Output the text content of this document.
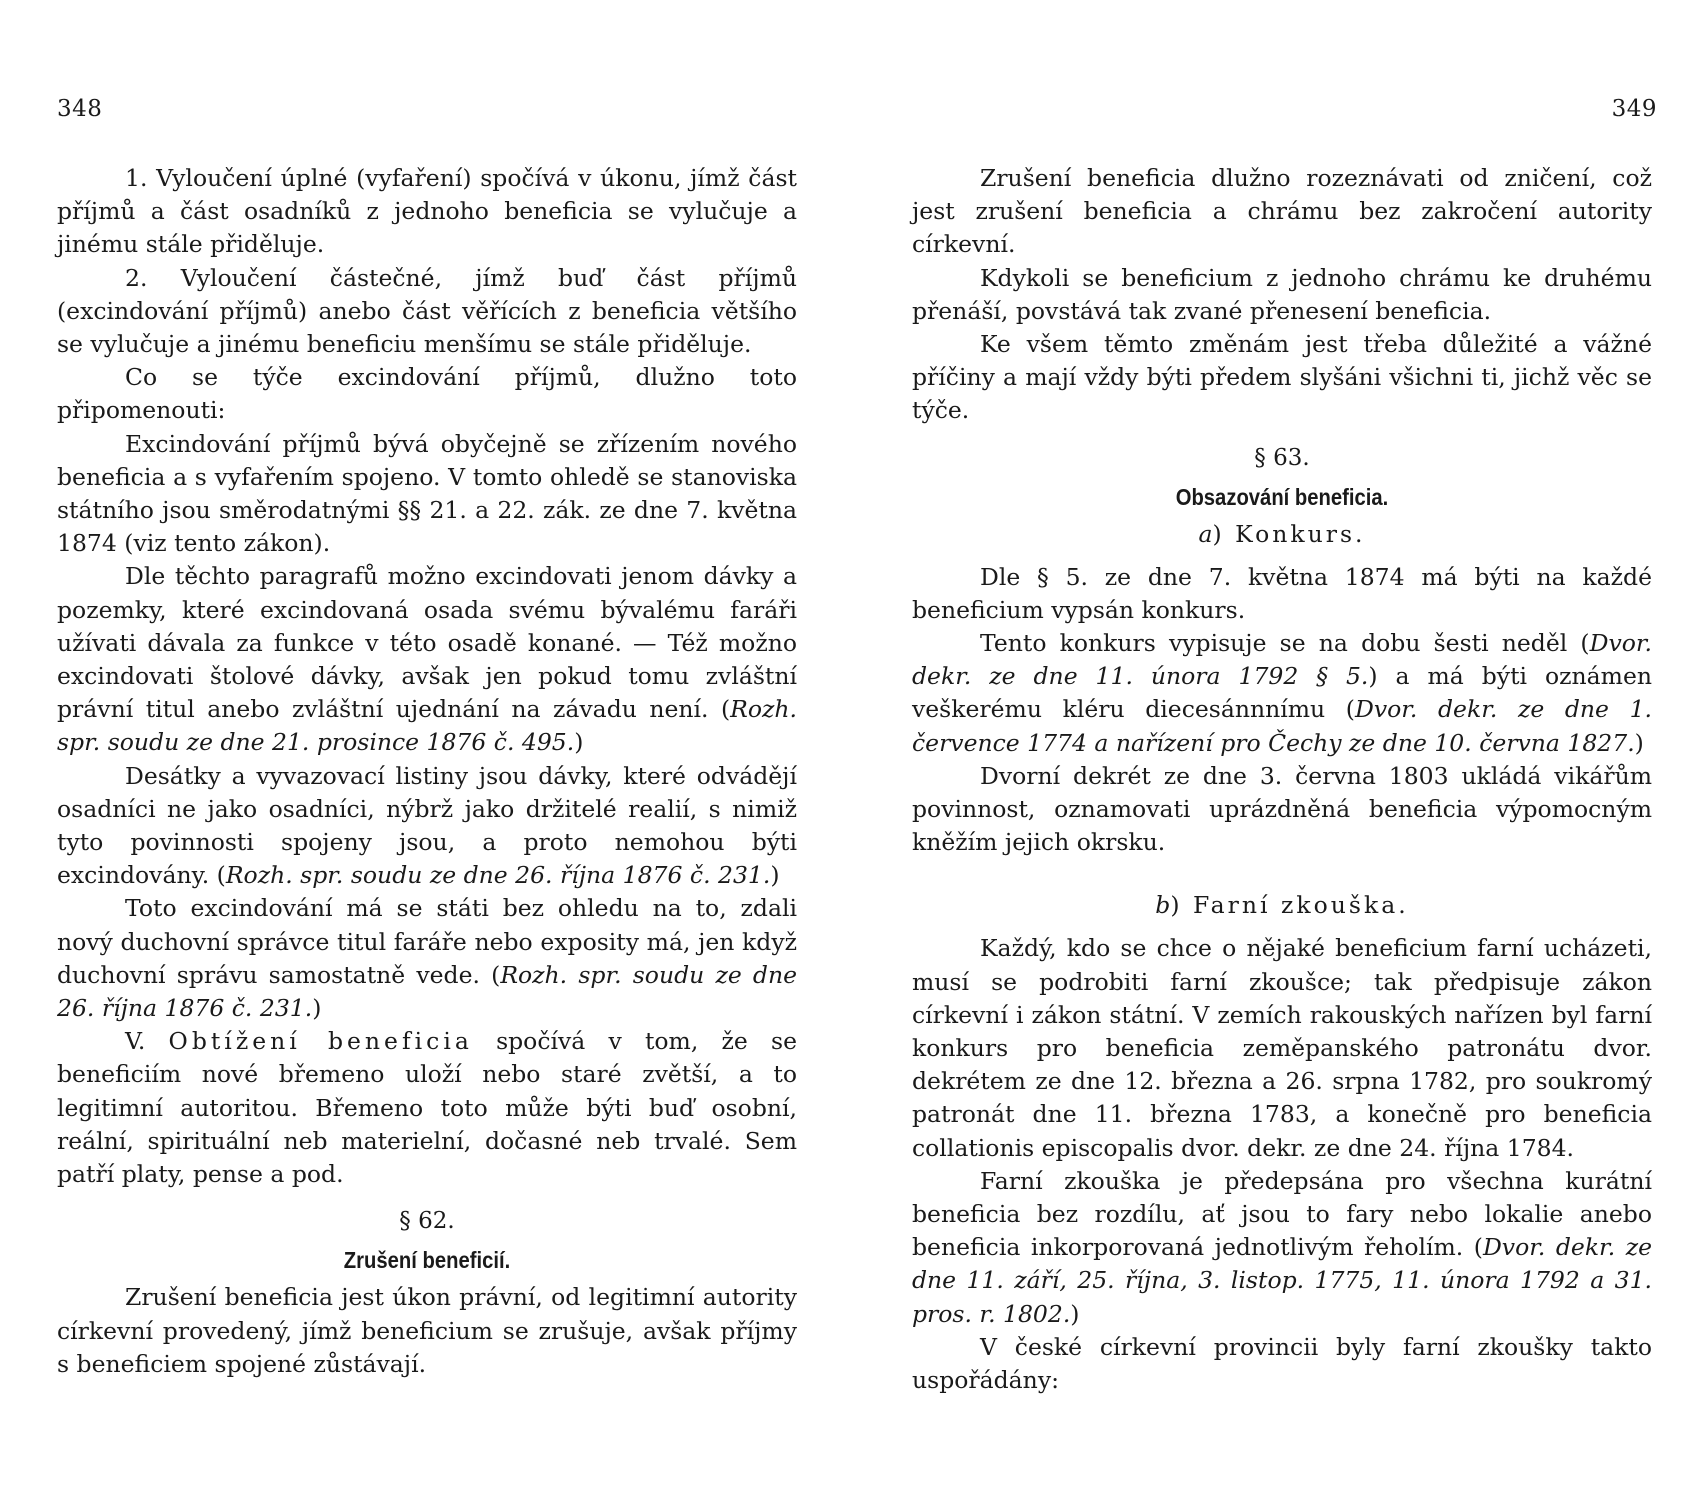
348

1. Vyloučení úplné (vyfaření) spočívá v úkonu, jímž část příjmů a část osadníků z jednoho beneficia se vylučuje a jinému stále přiděluje.

2. Vyloučení částečné, jímž buď část příjmů (excindování příjmů) anebo část věřících z beneficia většího se vylučuje a jinému beneficiu menšímu se stále přiděluje.

Co se týče excindování příjmů, dlužno toto připomenouti:

Excindování příjmů bývá obyčejně se zřízením nového beneficia a s vyfařením spojeno. V tomto ohledě se stanoviska státního jsou směrodatnými §§ 21. a 22. zák. ze dne 7. května 1874 (viz tento zákon).

Dle těchto paragrafů možno excindovati jenom dávky a pozemky, které excindovaná osada svému bývalému faráři užívati dávala za funkce v této osadě konané. — Též možno excindovati štolové dávky, avšak jen pokud tomu zvláštní právní titul anebo zvláštní ujednání na závadu není. (Rozh. spr. soudu ze dne 21. prosince 1876 č. 495.)

Desátky a vyvazovací listiny jsou dávky, které odvádějí osadníci ne jako osadníci, nýbrž jako držitelé realií, s nimiž tyto povinnosti spojeny jsou, a proto nemohou býti excindovány. (Rozh. spr. soudu ze dne 26. října 1876 č. 231.)

Toto excindování má se státi bez ohledu na to, zdali nový duchovní správce titul faráře nebo exposity má, jen když duchovní správu samostatně vede. (Rozh. spr. soudu ze dne 26. října 1876 č. 231.)

V. Obtížení beneficia spočívá v tom, že se beneficiím nové břemeno uloží nebo staré zvětší, a to legitimní autoritou. Břemeno toto může býti buď osobní, reální, spirituální neb materielní, dočasné neb trvalé. Sem patří platy, pense a pod.

§ 62.
Zrušení beneficií.

Zrušení beneficia jest úkon právní, od legitimní autority církevní provedený, jímž beneficium se zrušuje, avšak příjmy s beneficiem spojené zůstávají.

349

Zrušení beneficia dlužno rozeznávati od zničení, což jest zrušení beneficia a chrámu bez zakročení autority církevní.

Kdykoli se beneficium z jednoho chrámu ke druhému přenáší, povstává tak zvané přenesení beneficia.

Ke všem těmto změnám jest třeba důležité a vážné příčiny a mají vždy býti předem slyšáni všichni ti, jichž věc se týče.

§ 63.
Obsazování beneficia.
a) Konkurs.

Dle § 5. ze dne 7. května 1874 má býti na každé beneficium vypsán konkurs.

Tento konkurs vypisuje se na dobu šesti neděl (Dvor. dekr. ze dne 11. února 1792 § 5.) a má býti oznámen veškerému kléru diecesánnnímu (Dvor. dekr. ze dne 1. července 1774 a nařízení pro Čechy ze dne 10. června 1827.)

Dvorní dekrét ze dne 3. června 1803 ukládá vikářům povinnost, oznamovati uprázdněná beneficia výpomocným kněžím jejich okrsku.

b) Farní zkouška.

Každý, kdo se chce o nějaké beneficium farní ucházeti, musí se podrobiti farní zkoušce; tak předpisuje zákon církevní i zákon státní. V zemích rakouských nařízen byl farní konkurs pro beneficia zeměpanského patronátu dvor. dekrétem ze dne 12. března a 26. srpna 1782, pro soukromý patronát dne 11. března 1783, a konečně pro beneficia collationis episcopalis dvor. dekr. ze dne 24. října 1784.

Farní zkouška je předepsána pro všechna kurátní beneficia bez rozdílu, ať jsou to fary nebo lokalie anebo beneficia inkorporovaná jednotlivým řeholím. (Dvor. dekr. ze dne 11. září, 25. října, 3. listop. 1775, 11. února 1792 a 31. pros. r. 1802.)

V české církevní provincii byly farní zkoušky takto uspořádány:
